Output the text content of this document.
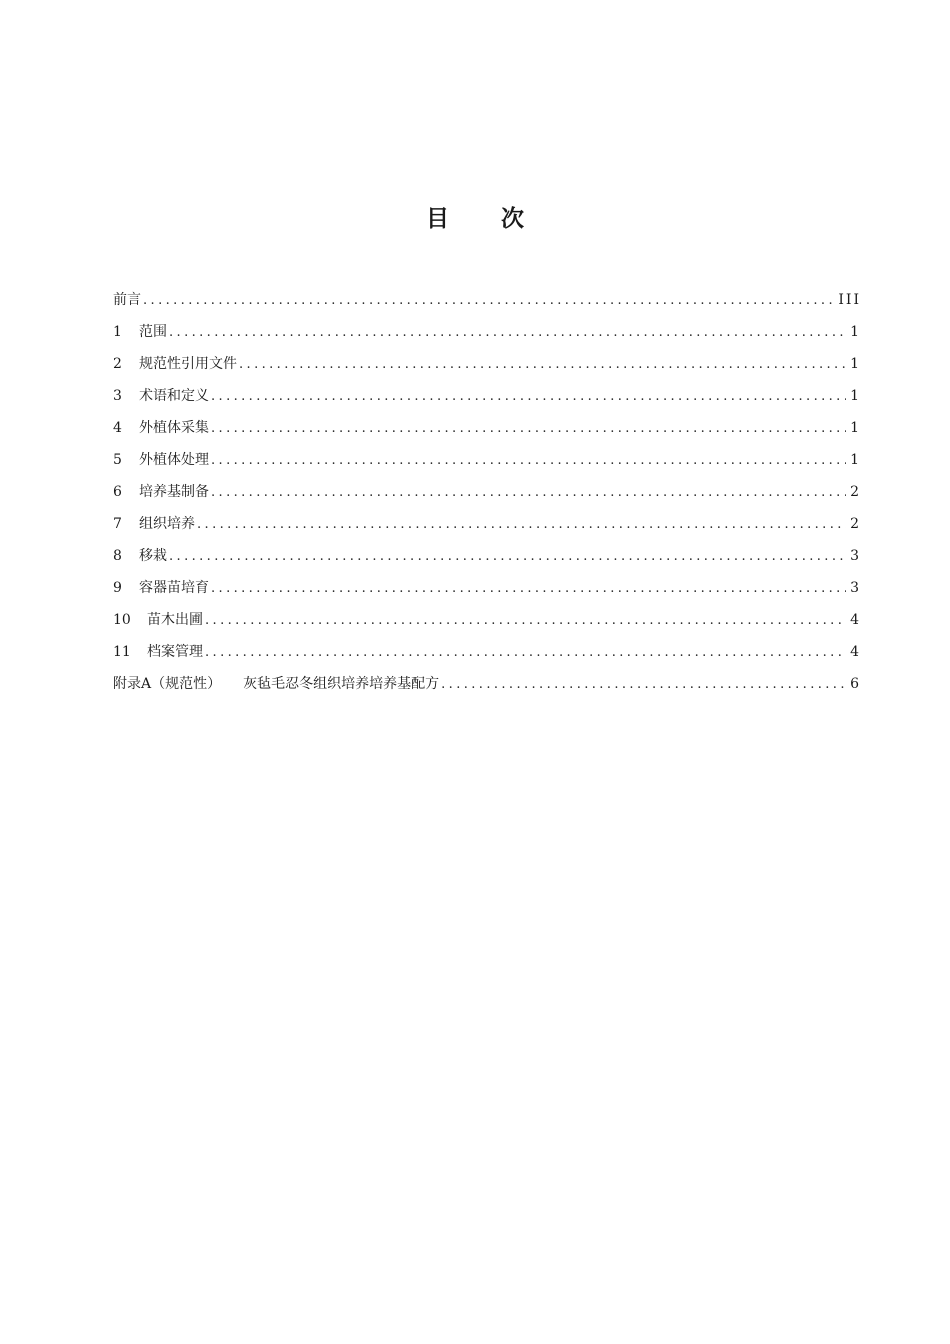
目 次
前言 .....	III
1	范围 .....	1
2	规范性引用文件 .....	1
3	术语和定义 .....	1
4	外植体采集 .....	1
5	外植体处理 .....	1
6	培养基制备 .....	2
7	组织培养 .....	2
8	移栽 .....	3
9	容器苗培育 .....	3
10	苗木出圃 .....	4
11	档案管理 .....	4
附录A（规范性） 灰毡毛忍冬组织培养培养基配方 .....	6
